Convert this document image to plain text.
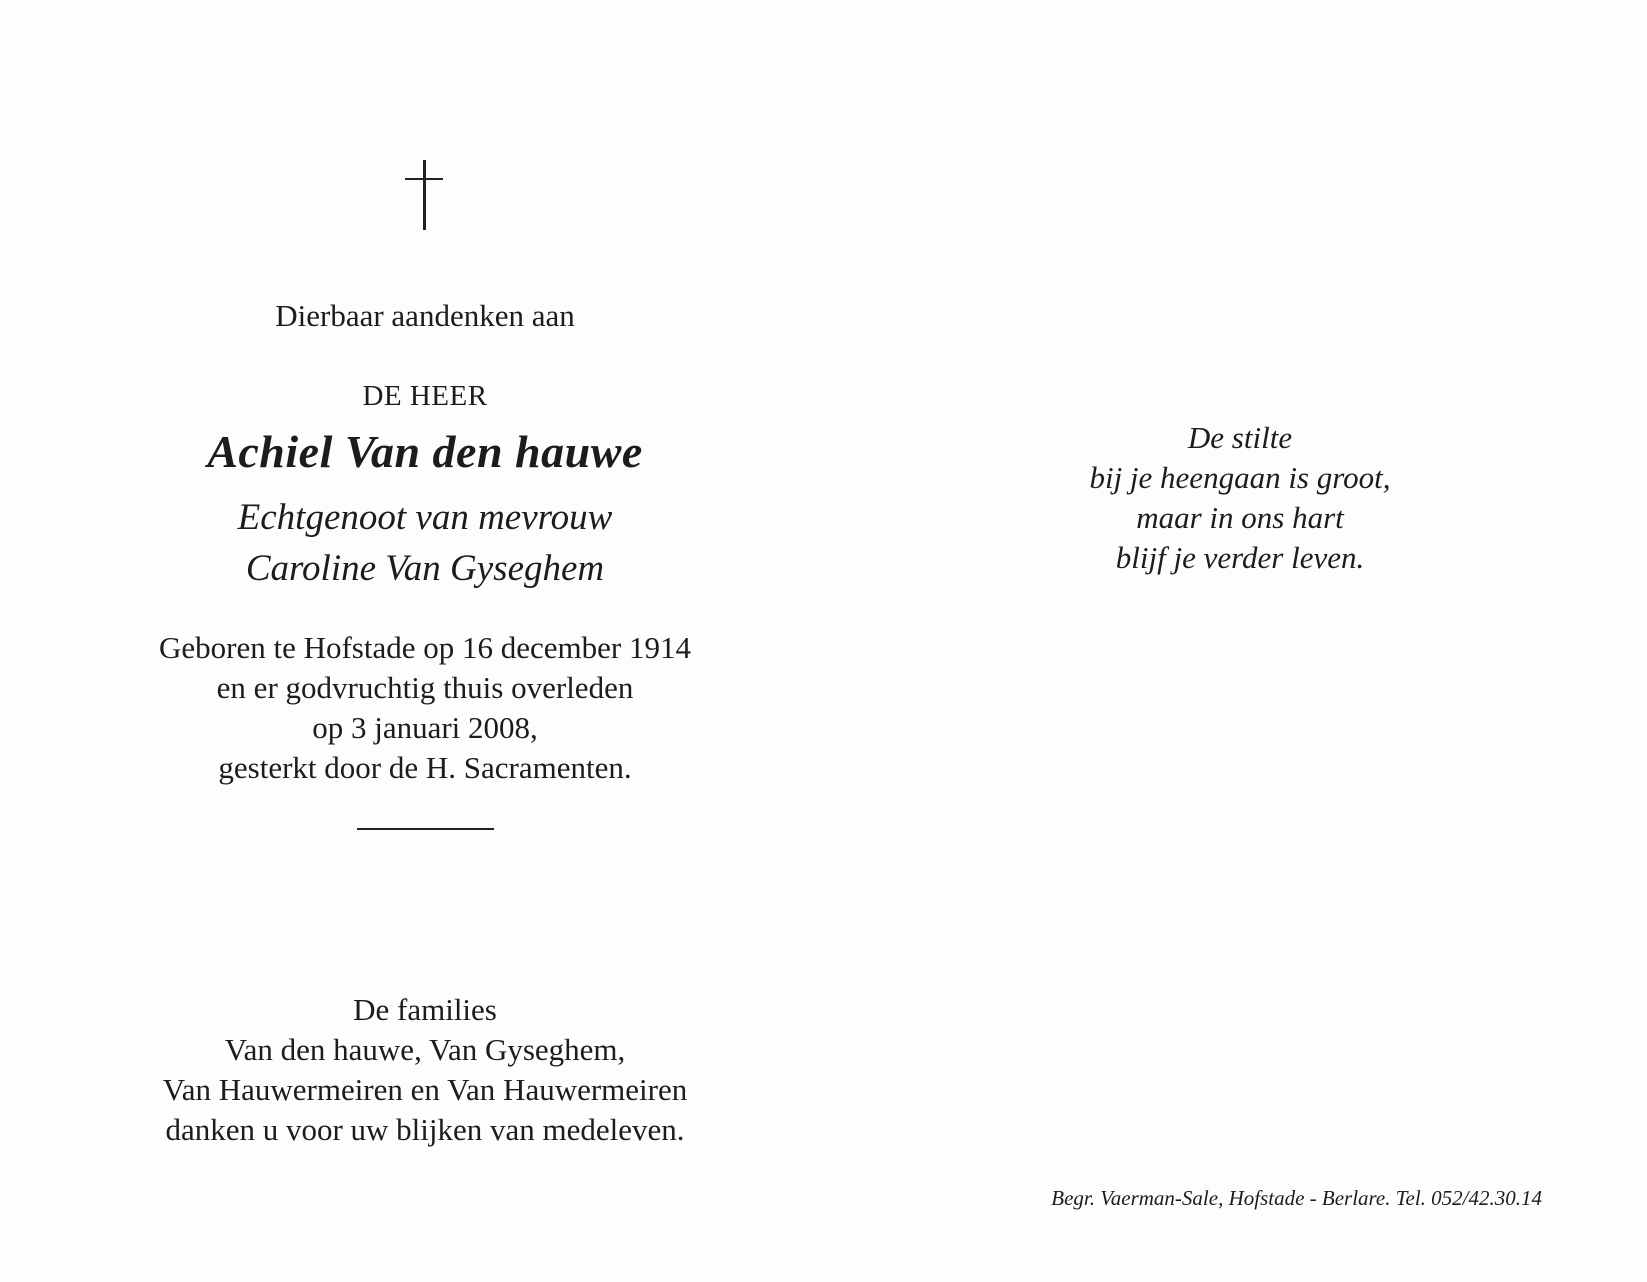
Dierbaar aandenken aan
DE HEER
Achiel Van den hauwe
Echtgenoot van mevrouw
Caroline Van Gyseghem
Geboren te Hofstade op 16 december 1914
en er godvruchtig thuis overleden
op 3 januari 2008,
gesterkt door de H. Sacramenten.
De families
Van den hauwe, Van Gyseghem,
Van Hauwermeiren en Van Hauwermeiren
danken u voor uw blijken van medeleven.
De stilte
bij je heengaan is groot,
maar in ons hart
blijf je verder leven.
Begr. Vaerman-Sale, Hofstade - Berlare. Tel. 052/42.30.14
